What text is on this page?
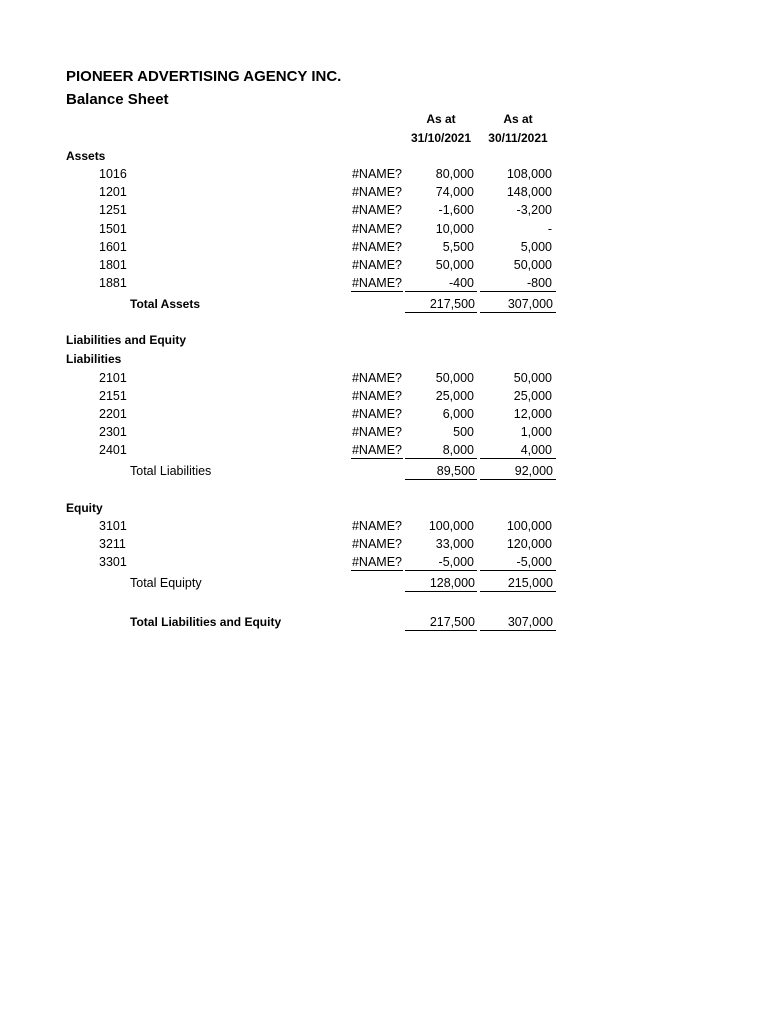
PIONEER ADVERTISING AGENCY INC.
Balance Sheet
As at
31/10/2021
As at
30/11/2021
Assets
1016	#NAME?	80,000	108,000
1201	#NAME?	74,000	148,000
1251	#NAME?	-1,600	-3,200
1501	#NAME?	10,000	-
1601	#NAME?	5,500	5,000
1801	#NAME?	50,000	50,000
1881	#NAME?	-400	-800
Total Assets	217,500	307,000
Liabilities and Equity
Liabilities
2101	#NAME?	50,000	50,000
2151	#NAME?	25,000	25,000
2201	#NAME?	6,000	12,000
2301	#NAME?	500	1,000
2401	#NAME?	8,000	4,000
Total Liabilities	89,500	92,000
Equity
3101	#NAME?	100,000	100,000
3211	#NAME?	33,000	120,000
3301	#NAME?	-5,000	-5,000
Total Equipty	128,000	215,000
Total Liabilities and Equity	217,500	307,000
